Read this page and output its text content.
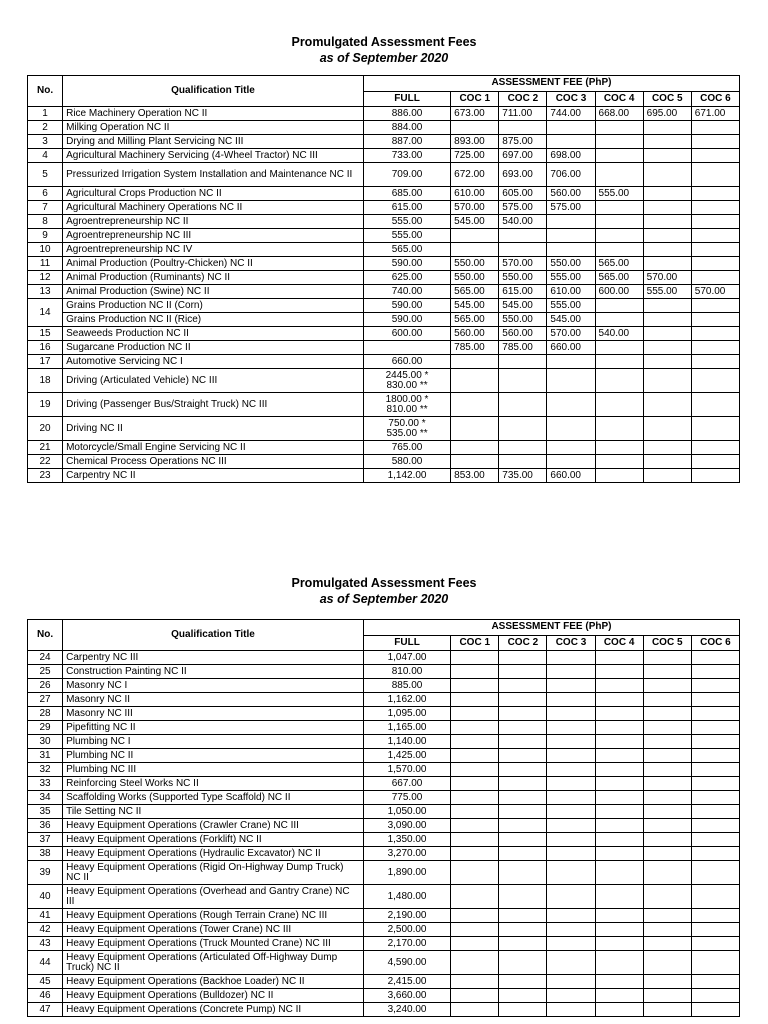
Promulgated Assessment Fees
as of September 2020
No.	Qualification Title	ASSESSMENT FEE (PhP)						
		FULL	COC 1	COC 2	COC 3	COC 4	COC 5	COC 6
1	Rice Machinery Operation NC II	886.00	673.00	711.00	744.00	668.00	695.00	671.00
2	Milking Operation NC II	884.00						
3	Drying and Milling Plant Servicing NC III	887.00	893.00	875.00				
4	Agricultural Machinery Servicing (4-Wheel Tractor) NC III	733.00	725.00	697.00	698.00			
5	Pressurized Irrigation System Installation and Maintenance NC II	709.00	672.00	693.00	706.00			
6	Agricultural Crops Production NC II	685.00	610.00	605.00	560.00	555.00		
7	Agricultural Machinery Operations NC II	615.00	570.00	575.00	575.00			
8	Agroentrepreneurship NC II	555.00	545.00	540.00				
9	Agroentrepreneurship NC III	555.00						
10	Agroentrepreneurship NC IV	565.00						
11	Animal Production (Poultry-Chicken) NC II	590.00	550.00	570.00	550.00	565.00		
12	Animal Production (Ruminants) NC II	625.00	550.00	550.00	555.00	565.00	570.00	
13	Animal Production (Swine) NC II	740.00	565.00	615.00	610.00	600.00	555.00	570.00
14	Grains Production NC II (Corn)	590.00	545.00	545.00	555.00			
	Grains Production NC II (Rice)	590.00	565.00	550.00	545.00			
15	Seaweeds Production NC II	600.00	560.00	560.00	570.00	540.00		
16	Sugarcane Production NC II		785.00	785.00	660.00			
17	Automotive Servicing NC I	660.00						
18	Driving (Articulated Vehicle) NC III	2445.00 *
830.00 **						

19	Driving (Passenger Bus/Straight Truck) NC III	1800.00 *
810.00 **						

20	Driving NC II	750.00 *
535.00 **						

21	Motorcycle/Small Engine Servicing NC II	765.00						
22	Chemical Process Operations NC III	580.00						
23	Carpentry NC II	1,142.00	853.00	735.00	660.00			
Promulgated Assessment Fees
as of September 2020
No.	Qualification Title	ASSESSMENT FEE (PhP)						
		FULL	COC 1	COC 2	COC 3	COC 4	COC 5	COC 6
24	Carpentry NC III	1,047.00						
25	Construction Painting NC II	810.00						
26	Masonry NC I	885.00						
27	Masonry NC II	1,162.00						
28	Masonry NC III	1,095.00						
29	Pipefitting NC II	1,165.00						
30	Plumbing NC I	1,140.00						
31	Plumbing NC II	1,425.00						
32	Plumbing NC III	1,570.00						
33	Reinforcing Steel Works NC II	667.00						
34	Scaffolding Works (Supported Type Scaffold) NC II	775.00						
35	Tile Setting NC II	1,050.00						
36	Heavy Equipment Operations (Crawler Crane) NC III	3,090.00						
37	Heavy Equipment Operations (Forklift) NC II	1,350.00						
38	Heavy Equipment Operations (Hydraulic Excavator) NC II	3,270.00						
39	Heavy Equipment Operations (Rigid On-Highway Dump Truck) NC II	1,890.00						
40	Heavy Equipment Operations (Overhead and Gantry Crane) NC III	1,480.00						
41	Heavy Equipment Operations (Rough Terrain Crane) NC III	2,190.00						
42	Heavy Equipment Operations (Tower Crane) NC III	2,500.00						
43	Heavy Equipment Operations (Truck Mounted Crane) NC III	2,170.00						
44	Heavy Equipment Operations (Articulated Off-Highway Dump Truck) NC II	4,590.00						
45	Heavy Equipment Operations (Backhoe Loader) NC II	2,415.00						
46	Heavy Equipment Operations (Bulldozer) NC II	3,660.00						
47	Heavy Equipment Operations (Concrete Pump) NC II	3,240.00						
